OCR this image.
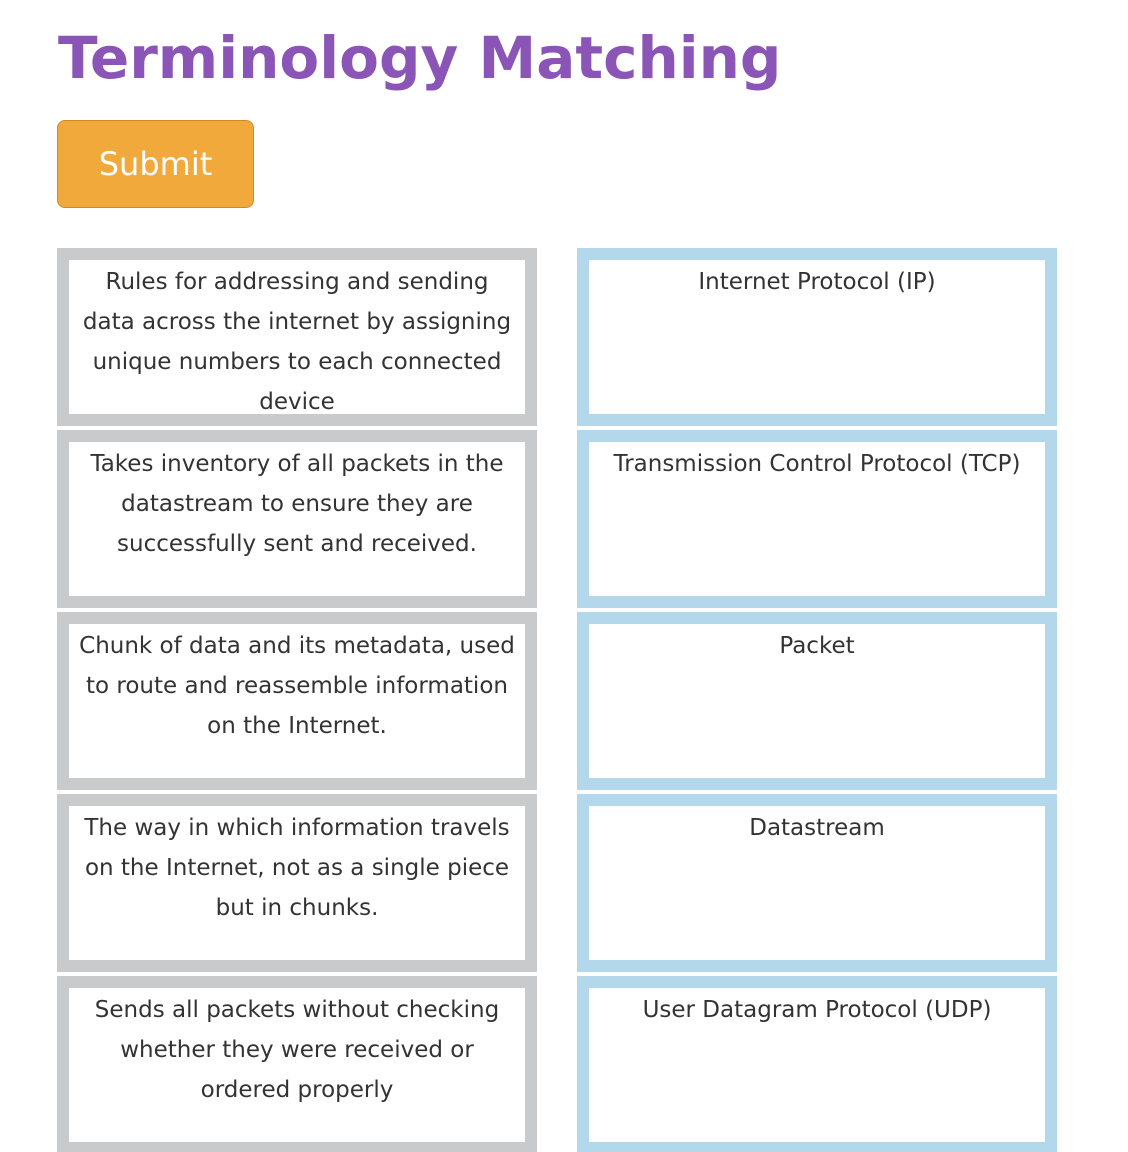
Terminology Matching
Submit
Rules for addressing and sending data across the internet by assigning unique numbers to each connected device
Internet Protocol (IP)
Takes inventory of all packets in the datastream to ensure they are successfully sent and received.
Transmission Control Protocol (TCP)
Chunk of data and its metadata, used to route and reassemble information on the Internet.
Packet
The way in which information travels on the Internet, not as a single piece but in chunks.
Datastream
Sends all packets without checking whether they were received or ordered properly
User Datagram Protocol (UDP)
